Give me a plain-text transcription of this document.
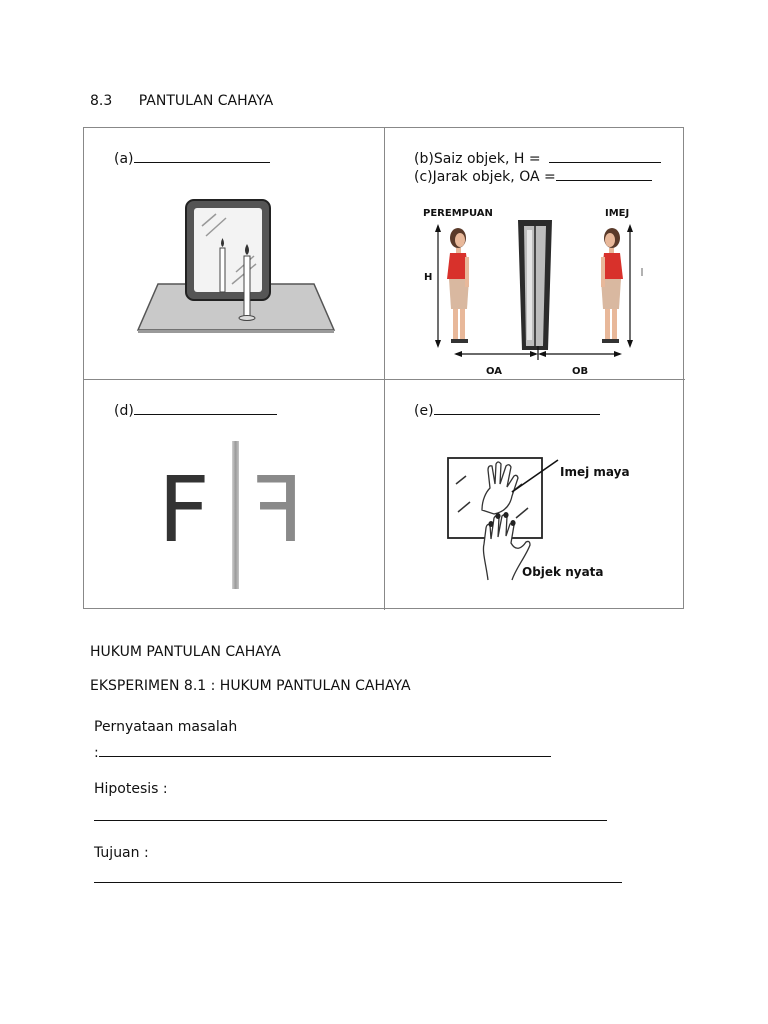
8.3 PANTULAN CAHAYA
(a)	(b)Saiz objek, H =
(c)Jarak objek, OA =
PEREMPUAN	IMEJ
H
OA	OB
(d)
F F
(e)
Imej maya
Objek nyata
HUKUM PANTULAN CAHAYA
EKSPERIMEN 8.1 : HUKUM PANTULAN CAHAYA
Pernyataan masalah
:
Hipotesis :
Tujuan :
